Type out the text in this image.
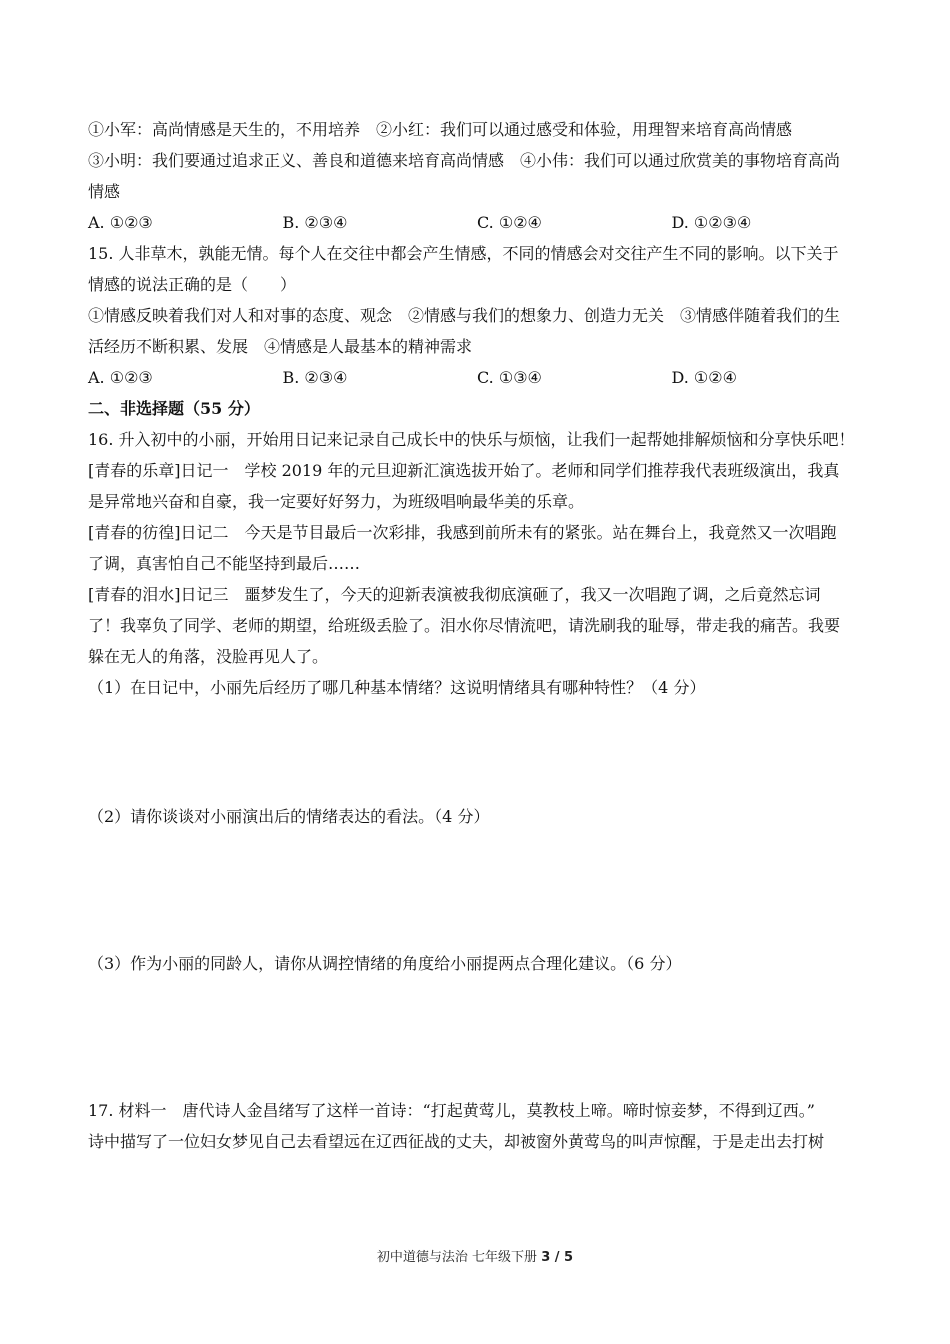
①小军：高尚情感是天生的，不用培养　②小红：我们可以通过感受和体验，用理智来培育高尚情感
③小明：我们要通过追求正义、善良和道德来培育高尚情感　④小伟：我们可以通过欣赏美的事物培育高尚
情感
A. ①②③	B. ②③④	C. ①②④	D. ①②③④
15. 人非草木，孰能无情。每个人在交往中都会产生情感，不同的情感会对交往产生不同的影响。以下关于
情感的说法正确的是（　　）
①情感反映着我们对人和对事的态度、观念　②情感与我们的想象力、创造力无关　③情感伴随着我们的生
活经历不断积累、发展　④情感是人最基本的精神需求
A. ①②③	B. ②③④	C. ①③④	D. ①②④
二、非选择题（55 分）
16. 升入初中的小丽，开始用日记来记录自己成长中的快乐与烦恼，让我们一起帮她排解烦恼和分享快乐吧！
[青春的乐章]日记一　学校 2019 年的元旦迎新汇演选拔开始了。老师和同学们推荐我代表班级演出，我真
是异常地兴奋和自豪，我一定要好好努力，为班级唱响最华美的乐章。
[青春的彷徨]日记二　今天是节目最后一次彩排，我感到前所未有的紧张。站在舞台上，我竟然又一次唱跑
了调，真害怕自己不能坚持到最后……
[青春的泪水]日记三　噩梦发生了，今天的迎新表演被我彻底演砸了，我又一次唱跑了调，之后竟然忘词
了！我辜负了同学、老师的期望，给班级丢脸了。泪水你尽情流吧，请洗刷我的耻辱，带走我的痛苦。我要
躲在无人的角落，没脸再见人了。
（1）在日记中，小丽先后经历了哪几种基本情绪？这说明情绪具有哪种特性？（4 分）
（2）请你谈谈对小丽演出后的情绪表达的看法。（4 分）
（3）作为小丽的同龄人，请你从调控情绪的角度给小丽提两点合理化建议。（6 分）
17. 材料一　唐代诗人金昌绪写了这样一首诗：“打起黄莺儿，莫教枝上啼。啼时惊妾梦，不得到辽西。”
诗中描写了一位妇女梦见自己去看望远在辽西征战的丈夫，却被窗外黄莺鸟的叫声惊醒，于是走出去打树
初中道德与法治 七年级下册 3 / 5
